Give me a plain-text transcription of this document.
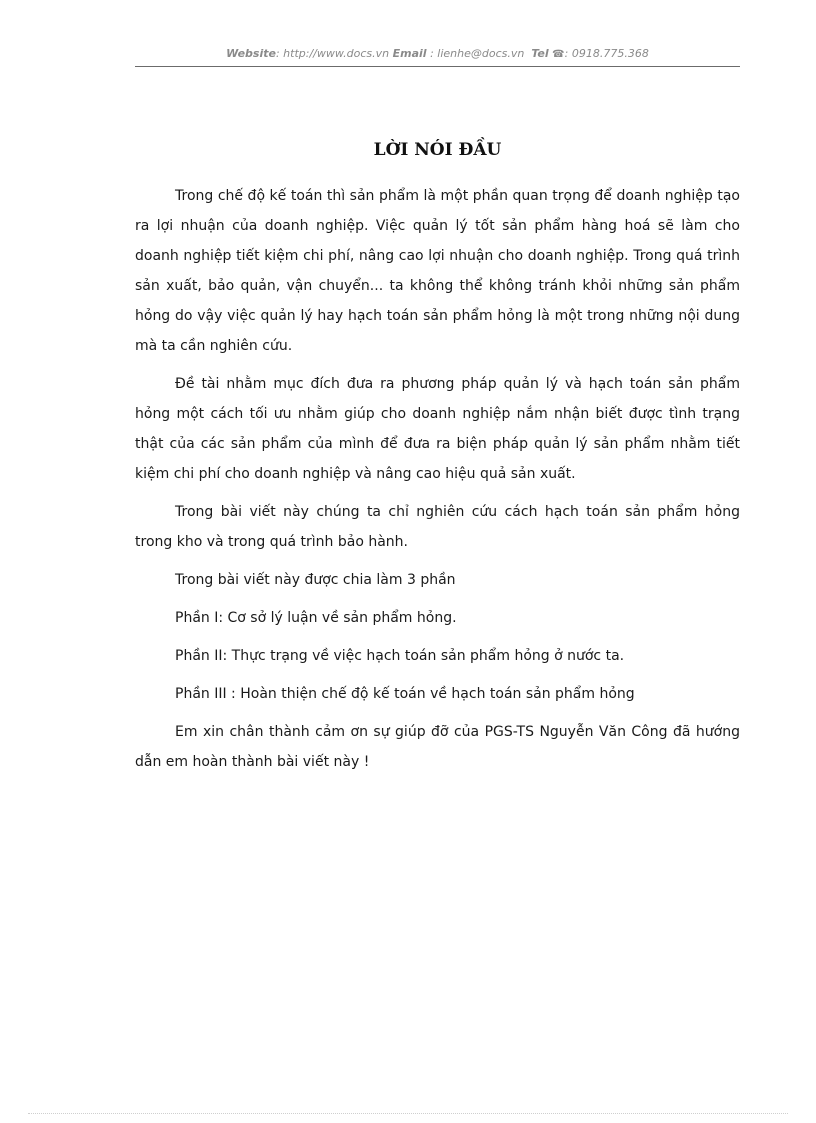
Website: http://www.docs.vn Email : lienhe@docs.vn Tel ☎: 0918.775.368
LỜI NÓI ĐẦU

Trong chế độ kế toán thì sản phẩm là một phần quan trọng để doanh nghiệp tạo ra lợi nhuận của doanh nghiệp. Việc quản lý tốt sản phẩm hàng hoá sẽ làm cho doanh nghiệp tiết kiệm chi phí, nâng cao lợi nhuận cho doanh nghiệp. Trong quá trình sản xuất, bảo quản, vận chuyển... ta không thể không tránh khỏi những sản phẩm hỏng do vậy việc quản lý hay hạch toán sản phẩm hỏng là một trong những nội dung mà ta cần nghiên cứu.

Đề tài nhằm mục đích đưa ra phương pháp quản lý và hạch toán sản phẩm hỏng một cách tối ưu nhằm giúp cho doanh nghiệp nắm nhận biết được tình trạng thật của các sản phẩm của mình để đưa ra biện pháp quản lý sản phẩm nhằm tiết kiệm chi phí cho doanh nghiệp và nâng cao hiệu quả sản xuất.

Trong bài viết này chúng ta chỉ nghiên cứu cách hạch toán sản phẩm hỏng trong kho và trong quá trình bảo hành.

Trong bài viết này được chia làm 3 phần

Phần I: Cơ sở lý luận về sản phẩm hỏng.

Phần II: Thực trạng về việc hạch toán sản phẩm hỏng ở nước ta.

Phần III : Hoàn thiện chế độ kế toán về hạch toán sản phẩm hỏng

Em xin chân thành cảm ơn sự giúp đỡ của PGS-TS Nguyễn Văn Công đã hướng dẫn em hoàn thành bài viết này !
